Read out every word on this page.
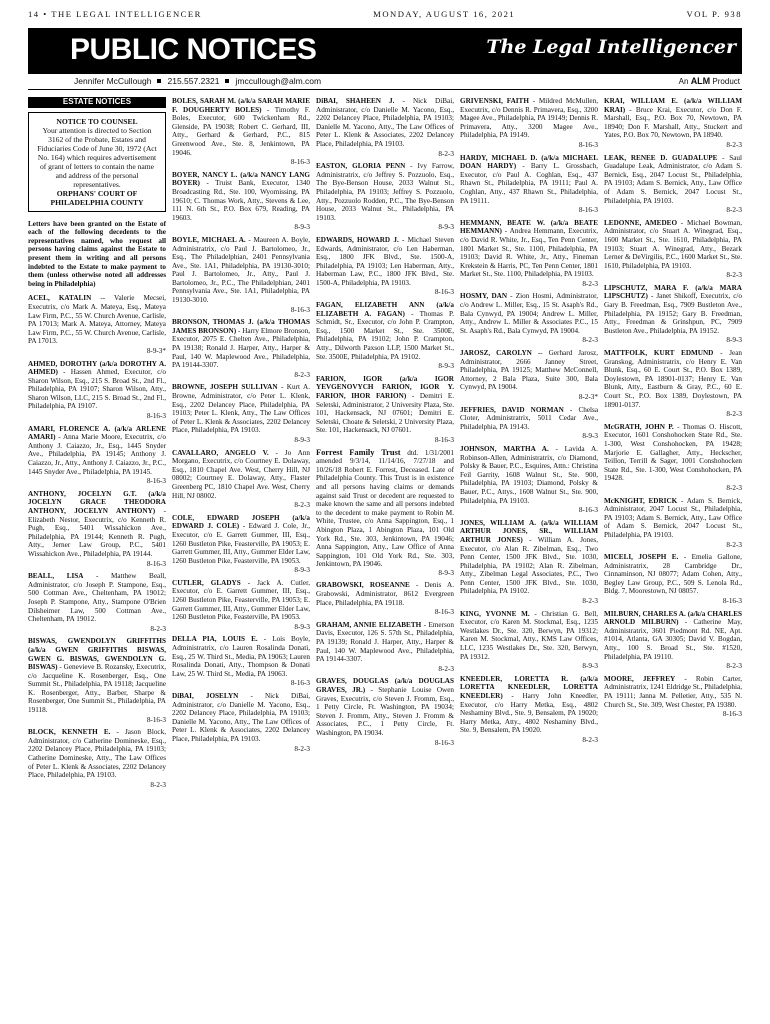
14 • THE LEGAL INTELLIGENCER	MONDAY, AUGUST 16, 2021	VOL P. 938
PUBLIC NOTICES	The Legal Intelligencer
Jennifer McCullough 215.557.2321 jmccullough@alm.com	An ALM Product
ESTATE NOTICES
NOTICE TO COUNSEL
Your attention is directed to Section 3162 of the Probate, Estates and Fiduciaries Code of June 30, 1972 (Act No. 164) which requires advertisement of grant of letters to contain the name and address of the personal representatives.
ORPHANS' COURT OF PHILADELPHIA COUNTY
Letters have been granted on the Estate of each of the following decedents to the representatives named, who request all persons having claims against the Estate to present them in writing and all persons indebted to the Estate to make payment to them (unless otherwise noted all addresses being in Philadelphia)
ACEL, KATALIN -- Valerie Mecsei, Executrix, c/o Mark A. Mateya, Esq., Mateya Law Firm, P.C., 55 W. Church Avenue, Carlisle, PA 17013; Mark A. Mateya, Attorney, Mateya Law Firm, P.C., 55 W. Church Avenue, Carlisle, PA 17013.
8-9-3*
AHMED, DOROTHY (a/k/a DOROTHY A. AHMED) - Hassen Ahmed, Executor, c/o Sharon Wilson, Esq., 215 S. Broad St., 2nd Fl., Philadelphia, PA 19107; Sharon Wilson, Atty., Sharon Wilson, LLC, 215 S. Broad St., 2nd Fl., Philadelphia, PA 19107.
8-16-3
AMARI, FLORENCE A. (a/k/a ARLENE AMARI) - Anna Marie Moore, Executrix, c/o Anthony J. Caiazzo, Jr., Esq., 1445 Snyder Ave., Philadelphia, PA 19145; Anthony J. Caiazzo, Jr., Atty., Anthony J. Caiazzo, Jr., P.C., 1445 Snyder Ave., Philadelphia, PA 19145.
8-16-3
ANTHONY, JOCELYN G.T. (a/k/a JOCELYN GRACE THEODORA ANTHONY, JOCELYN ANTHONY) - Elizabeth Nestor, Executrix, c/o Kenneth R. Pugh, Esq., 5401 Wissahickon Ave., Philadelphia, PA 19144; Kenneth R. Pugh, Atty., Jerner Law Group, P.C., 5401 Wissahickon Ave., Philadelphia, PA 19144.
8-16-3
BEALL, LISA - Matthew Beall, Administrator, c/o Joseph P. Stampone, Esq., 500 Cottman Ave., Cheltenham, PA 19012; Joseph P. Stampone, Atty., Stampone O'Brien Dilsheimer Law, 500 Cottman Ave., Cheltenham, PA 19012.
8-2-3
BISWAS, GWENDOLYN GRIFFITHS (a/k/a GWEN GRIFFITHS BISWAS, GWEN G. BISWAS, GWENDOLYN G. BISWAS) - Genevieve B. Rozansky, Executrix, c/o Jacqueline K. Rosenberger, Esq., One Summit St., Philadelphia, PA 19118; Jacqueline K. Rosenberger, Atty., Barber, Sharpe & Rosenberger, One Summit St., Philadelphia, PA 19118.
8-16-3
BLOCK, KENNETH E. - Jason Block, Administrator, c/o Catherine Domineske, Esq., 2202 Delancey Place, Philadelphia, PA 19103; Catherine Domineske, Atty., The Law Offices of Peter L. Klenk & Associates, 2202 Delancey Place, Philadelphia, PA 19103.
8-2-3
BOLES, SARAH M. (a/k/a SARAH MARIE F. DOUGHERTY BOLES) - Timothy F. Boles, Executor, 600 Twickenham Rd., Glenside, PA 19038; Robert C. Gerhard, III, Atty., Gerhard & Gerhard, P.C., 815 Greenwood Ave., Ste. 8, Jenkintown, PA 19046.
8-16-3
BOYER, NANCY L. (a/k/a NANCY LANG BOYER) - Truist Bank, Executor, 1340 Broadcasting Rd., Ste. 100, Wyomissing, PA 19610; C. Thomas Work, Atty., Stevens & Lee, 111 N. 6th St., P.O. Box 679, Reading, PA 19603.
8-9-3
BOYLE, MICHAEL A. - Maureen A. Boyle, Administratrix, c/o Paul J. Bartolomeo, Jr., Esq., The Philadelphian, 2401 Pennsylvania Ave., Ste. 1A1, Philadelphia, PA 19130-3010; Paul J. Bartolomeo, Jr., Atty., Paul J. Bartolomeo, Jr., P.C., The Philadelphian, 2401 Pennsylvania Ave., Ste. 1A1, Philadelphia, PA 19130-3010.
8-16-3
BRONSON, THOMAS J. (a/k/a THOMAS JAMES BRONSON) - Harry Elmore Bronson, Executor, 2075 E. Chelten Ave., Philadelphia, PA 19138; Ronald J. Harper, Atty., Harper & Paul, 140 W. Maplewood Ave., Philadelphia, PA 19144-3307.
8-2-3
BROWNE, JOSEPH SULLIVAN - Kurt A. Browne, Administrator, c/o Peter L. Klenk, Esq., 2202 Delancey Place, Philadelphia, PA 19103; Peter L. Klenk, Atty., The Law Offices of Peter L. Klenk & Associates, 2202 Delancey Place, Philadelphia, PA 19103.
8-9-3
CAVALLARO, ANGELO V. - Jo Ann Morgano, Executrix, c/o Courtney E. Dolaway, Esq., 1810 Chapel Ave. West, Cherry Hill, NJ 08002; Courtney E. Dolaway, Atty., Flaster Greenberg PC, 1810 Chapel Ave. West, Cherry Hill, NJ 08002.
8-2-3
COLE, EDWARD JOSEPH (a/k/a EDWARD J. COLE) - Edward J. Cole, Jr., Executor, c/o E. Garrett Gummer, III, Esq., 1260 Bustleton Pike, Feasterville, PA 19053; E. Garrett Gummer, III, Atty., Gummer Elder Law, 1260 Bustleton Pike, Feasterville, PA 19053.
8-9-3
CUTLER, GLADYS - Jack A. Cutler, Executor, c/o E. Garrett Gummer, III, Esq., 1260 Bustleton Pike, Feasterville, PA 19053; E. Garrett Gummer, III, Atty., Gummer Elder Law, 1260 Bustleton Pike, Feasterville, PA 19053.
8-9-3
DELLA PIA, LOUIS E. - Lois Boyle, Administratrix, c/o Lauren Rosalinda Donati, Esq., 25 W. Third St., Media, PA 19063; Lauren Rosalinda Donati, Atty., Thompson & Donati Law, 25 W. Third St., Media, PA 19063.
8-16-3
DiBAI, JOSELYN - Nick DiBai, Administrator, c/o Danielle M. Yacono, Esq., 2202 Delancey Place, Philadelphia, PA 19103; Danielle M. Yacono, Atty., The Law Offices of Peter L. Klenk & Associates, 2202 Delancey Place, Philadelphia, PA 19103.
8-2-3
DiBAI, SHAHEEN J. - Nick DiBai, Administrator, c/o Danielle M. Yacono, Esq., 2202 Delancey Place, Philadelphia, PA 19103; Danielle M. Yacono, Atty., The Law Offices of Peter L. Klenk & Associates, 2202 Delancey Place, Philadelphia, PA 19103.
8-2-3
EASTON, GLORIA PENN - Ivy Farrow, Administratrix, c/o Jeffrey S. Pozzuolo, Esq., The Bye-Benson House, 2033 Walnut St., Philadelphia, PA 19103; Jeffrey S. Pozzuolo, Atty., Pozzuolo Rodden, P.C., The Bye-Benson House, 2033 Walnut St., Philadelphia, PA 19103.
8-9-3
EDWARDS, HOWARD J. - Michael Steven Edwards, Administrator, c/o Len Haberman, Esq., 1800 JFK Blvd., Ste. 1500-A, Philadelphia, PA 19103; Len Haberman, Atty., Haberman Law, P.C., 1800 JFK Blvd., Ste. 1500-A, Philadelphia, PA 19103.
8-16-3
FAGAN, ELIZABETH ANN (a/k/a ELIZABETH A. FAGAN) - Thomas P. Schmidt, Sr., Executor, c/o John P. Crampton, Esq., 1500 Market St., Ste. 3500E, Philadelphia, PA 19102; John P. Crampton, Atty., Dilworth Paxson LLP, 1500 Market St., Ste. 3500E, Philadelphia, PA 19102.
8-9-3
FARION, IGOR (a/k/a IGOR YEVGENOVYCH FARION, IGOR Y. FARION, IHOR FARION) - Demitri E. Seletski, Administrator, 2 University Plaza, Ste. 101, Hackensack, NJ 07601; Demitri E. Seletski, Choate & Seletski, 2 University Plaza, Ste. 101, Hackensack, NJ 07601.
8-16-3
Forrest Family Trust dtd. 1/31/2001 amended 9/3/14, 11/14/16, 7/27/18 and 10/26/18 Robert E. Forrest, Deceased. Late of Philadelphia County. This Trust is in existence and all persons having claims or demands against said Trust or decedent are requested to make known the same and all persons indebted to the decedent to make payment to Robin M. White, Trustee, c/o Anna Sappington, Esq., 1 Abington Plaza, 1 Abington Plaza, 101 Old York Rd., Ste. 303, Jenkintown, PA 19046; Anna Sappington, Atty., Law Office of Anna Sappington, 101 Old York Rd., Ste. 303, Jenkintown, PA 19046.
8-9-3
GRABOWSKI, ROSEANNE - Denis A. Grabowski, Administrator, 8612 Evergreen Place, Philadelphia, PA 19118.
8-16-3
GRAHAM, ANNIE ELIZABETH - Emerson Davis, Executor, 126 S. 57th St., Philadelphia, PA 19139; Ronald J. Harper, Atty., Harper & Paul, 140 W. Maplewood Ave., Philadelphia, PA 19144-3307.
8-2-3
GRAVES, DOUGLAS (a/k/a DOUGLAS GRAVES, JR.) - Stephanie Louise Owen Graves, Executrix, c/o Steven J. Fromm, Esq., 1 Petty Circle, Ft. Washington, PA 19034; Steven J. Fromm, Atty., Steven J. Fromm & Associates, P.C., 1 Petty Circle, Ft. Washington, PA 19034.
8-16-3
GRIVENSKI, FAITH - Mildred McMullen, Executrix, c/o Dennis R. Primavera, Esq., 3200 Magee Ave., Philadelphia, PA 19149; Dennis R. Primavera, Atty., 3200 Magee Ave., Philadelphia, PA 19149.
8-16-3
HARDY, MICHAEL D. (a/k/a MICHAEL DOAN HARDY) - Barry L. Grossbach, Executor, c/o Paul A. Coghlan, Esq., 437 Rhawn St., Philadelphia, PA 19111; Paul A. Coghlan, Atty., 437 Rhawn St., Philadelphia, PA 19111.
8-16-3
HEMMANN, BEATE W. (a/k/a BEATE HEMMANN) - Andrea Hemmann, Executrix, c/o David R. White, Jr., Esq., Ten Penn Center, 1801 Market St., Ste. 1100, Philadelphia, PA 19103; David R. White, Jr., Atty., Fineman Krekstein & Harris, PC, Ten Penn Center, 1801 Market St., Ste. 1100, Philadelphia, PA 19103.
8-2-3
HOSMY, DAN - Zion Hosmi, Administrator, c/o Andrew L. Miller, Esq., 15 St. Asaph's Rd., Bala Cynwyd, PA 19004; Andrew L. Miller, Atty., Andrew L. Miller & Associates P.C., 15 St. Asaph's Rd., Bala Cynwyd, PA 19004.
8-2-3
JAROSZ, CAROLYN -- Gerhard Jarosz, Administrator, 2666 Janney Street, Philadelphia, PA 19125; Matthew McConnell, Attorney, 2 Bala Plaza, Suite 300, Bala Cynwyd, PA 19004.
8-2-3*
JEFFRIES, DAVID NORMAN - Chelsa Cloter, Administratrix, 5011 Cedar Ave., Philadelphia, PA 19143.
8-9-3
JOHNSON, MARTHA A. - Lavida A. Robinson-Allen, Administratrix, c/o Diamond, Polsky & Bauer, P.C., Esquires, Attn.: Christina Feil Garrity, 1608 Walnut St., Ste. 900, Philadelphia, PA 19103; Diamond, Polsky & Bauer, P.C., Attys., 1608 Walnut St., Ste. 900, Philadelphia, PA 19103.
8-16-3
JONES, WILLIAM A. (a/k/a WILLIAM ARTHUR JONES, SR., WILLIAM ARTHUR JONES) - William A. Jones, Executor, c/o Alan R. Zibelman, Esq., Two Penn Center, 1500 JFK Blvd., Ste. 1030, Philadelphia, PA 19102; Alan R. Zibelman, Atty., Zibelman Legal Associates, P.C., Two Penn Center, 1500 JFK Blvd., Ste. 1030, Philadelphia, PA 19102.
8-2-3
KING, YVONNE M. - Christian G. Bell, Executor, c/o Karen M. Stockmal, Esq., 1235 Westlakes Dr., Ste. 320, Berwyn, PA 19312; Karen M. Stockmal, Atty., KMS Law Offices, LLC, 1235 Westlakes Dr., Ste. 320, Berwyn, PA 19312.
8-9-3
KNEEDLER, LORETTA R. (a/k/a LORETTA KNEEDLER, LORETTA KNEEDLER) - Harry John Kneedler, Executor, c/o Harry Metka, Esq., 4802 Neshaminy Blvd., Ste. 9, Bensalem, PA 19020; Harry Metka, Atty., 4802 Neshaminy Blvd., Ste. 9, Bensalem, PA 19020.
8-2-3
KRAI, WILLIAM E. (a/k/a WILLIAM KRAI) - Bruce Krai, Executor, c/o Don F. Marshall, Esq., P.O. Box 70, Newtown, PA 18940; Don F. Marshall, Atty., Stuckert and Yates, P.O. Box 70, Newtown, PA 18940.
8-2-3
LEAK, RENEE D. GUADALUPE - Saul Guadalupe Leak, Administrator, c/o Adam S. Bernick, Esq., 2047 Locust St., Philadelphia, PA 19103; Adam S. Bernick, Atty., Law Office of Adam S. Bernick, 2047 Locust St., Philadelphia, PA 19103.
8-2-3
LEDONNE, AMEDEO - Michael Bowman, Administrator, c/o Stuart A. Winegrad, Esq., 1600 Market St., Ste. 1610, Philadelphia, PA 19103; Stuart A. Winegrad, Atty., Bezark Lerner & DeVirgilis, P.C., 1600 Market St., Ste. 1610, Philadelphia, PA 19103.
8-2-3
LIPSCHUTZ, MARA F. (a/k/a MARA LIPSCHUTZ) - Janet Shikoff, Executrix, c/o Gary B. Freedman, Esq., 7909 Bustleton Ave., Philadelphia, PA 19152; Gary B. Freedman, Atty., Freedman & Grinshpun, PC, 7909 Bustleton Ave., Philadelphia, PA 19152.
8-9-3
MATTFOLK, KURT EDMUND - Jean Granskog, Administratrix, c/o Henry E. Van Blunk, Esq., 60 E. Court St., P.O. Box 1389, Doylestown, PA 18901-0137; Henry E. Van Blunk, Atty., Eastburn & Gray, P.C., 60 E. Court St., P.O. Box 1389, Doylestown, PA 18901-0137.
8-2-3
McGRATH, JOHN P. - Thomas O. Hiscott, Executor, 1601 Conshohocken State Rd., Ste. 1-300, West Conshohocken, PA 19428; Marjorie E. Gallagher, Atty., Heckscher, Teillon, Terrill & Sager, 1001 Conshohocken State Rd., Ste. 1-300, West Conshohocken, PA 19428.
8-2-3
McKNIGHT, EDRICK - Adam S. Bernick, Administrator, 2047 Locust St., Philadelphia, PA 19103; Adam S. Bernick, Atty., Law Office of Adam S. Bernick, 2047 Locust St., Philadelphia, PA 19103.
8-2-3
MICELI, JOSEPH E. - Emelia Gallone, Administratrix, 28 Cambridge Dr., Cinnaminson, NJ 08077; Adam Cohen, Atty., Begley Law Group, P.C., 509 S. Lenola Rd., Bldg. 7, Moorestown, NJ 08057.
8-16-3
MILBURN, CHARLES A. (a/k/a CHARLES ARNOLD MILBURN) - Catherine May, Administratrix, 3601 Piedmont Rd. NE, Apt. #1014, Atlanta, GA 30305; David V. Bogdan, Atty., 100 S. Broad St., Ste. #1520, Philadelphia, PA 19110.
8-2-3
MOORE, JEFFREY - Robin Carter, Administratrix, 1241 Eldridge St., Philadelphia, PA 19111; Janna M. Pelletier, Atty., 535 N. Church St., Ste. 309, West Chester, PA 19380.
8-16-3
